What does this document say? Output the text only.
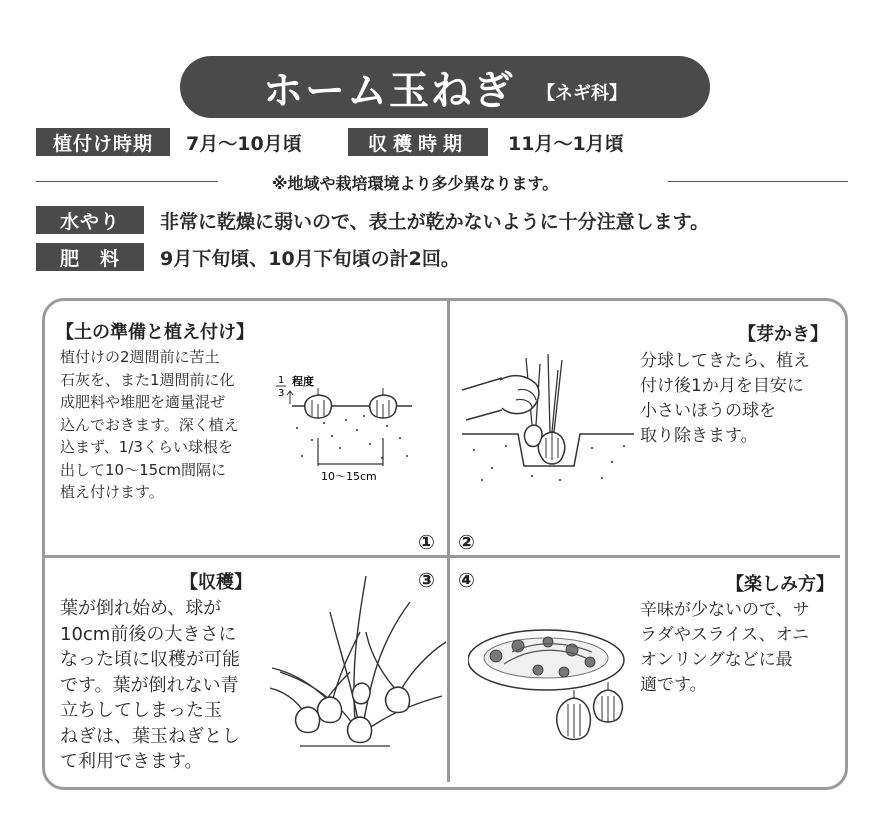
ホーム玉ねぎ 【ネギ科】
植付け時期	7月〜10月頃	収穫時期	11月〜1月頃
※地域や栽培環境より多少異なります。
水やり	非常に乾燥に弱いので、表土が乾かないように十分注意します。
肥　料	9月下旬頃、10月下旬頃の計2回。
【土の準備と植え付け】
植付けの2週間前に苦土
石灰を、また1週間前に化
成肥料や堆肥を適量混ぜ
込んでおきます。深く植え
込まず、1/3くらい球根を
出して10〜15cm間隔に
植え付けます。
1
3
程度
10〜15cm
①
【芽かき】
分球してきたら、植え
付け後1か月を目安に
小さいほうの球を
取り除きます。
②
【収穫】
葉が倒れ始め、球が
10cm前後の大きさに
なった頃に収穫が可能
です。葉が倒れない青
立ちしてしまった玉
ねぎは、葉玉ねぎとし
て利用できます。
③ ④	【楽しみ方】
辛味が少ないので、サ
ラダやスライス、オニ
オンリングなどに最
適です。
